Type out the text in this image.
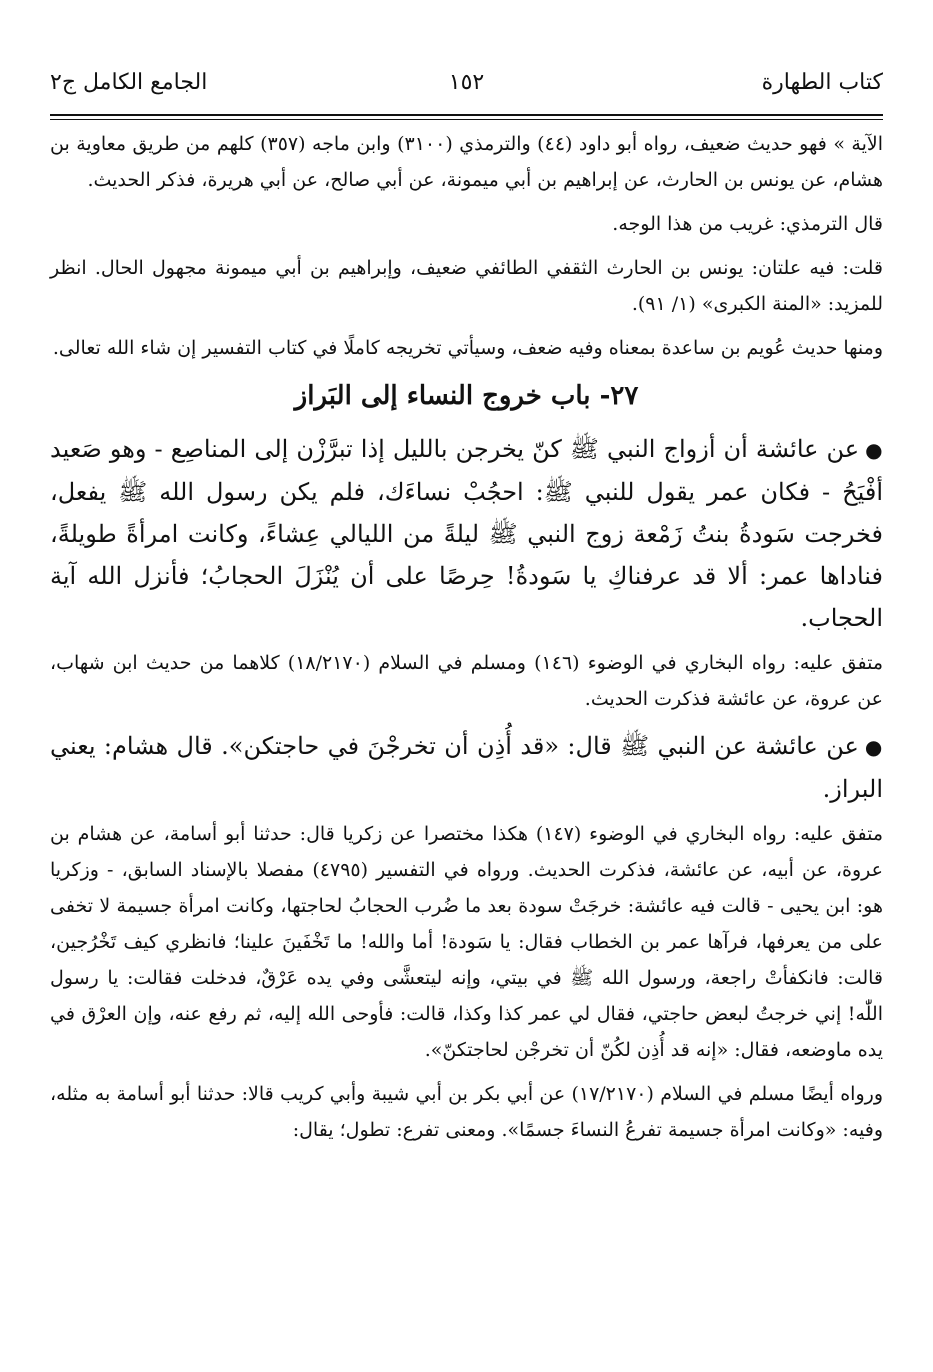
كتاب الطهارة
١٥٢
الجامع الكامل ج٢

الآية » فهو حديث ضعيف، رواه أبو داود (٤٤) والترمذي (٣١٠٠) وابن ماجه (٣٥٧) كلهم من طريق معاوية بن هشام، عن يونس بن الحارث، عن إبراهيم بن أبي ميمونة، عن أبي صالح، عن أبي هريرة، فذكر الحديث.

قال الترمذي: غريب من هذا الوجه.

قلت: فيه علتان: يونس بن الحارث الثقفي الطائفي ضعيف، وإبراهيم بن أبي ميمونة مجهول الحال. انظر للمزيد: «المنة الكبرى» (١/ ٩١).

ومنها حديث عُويم بن ساعدة بمعناه وفيه ضعف، وسيأتي تخريجه كاملًا في كتاب التفسير إن شاء الله تعالى.

٢٧- باب خروج النساء إلى البَراز

●عن عائشة أن أزواج النبي ﷺ كنّ يخرجن بالليل إذا تبرَّزْن إلى المناصِع - وهو صَعيد أفْيَحُ - فكان عمر يقول للنبي ﷺ: احجُبْ نساءَك، فلم يكن رسول الله ﷺ يفعل، فخرجت سَودةُ بنتُ زَمْعة زوج النبي ﷺ ليلةً من الليالي عِشاءً، وكانت امرأةً طويلةً، فناداها عمر: ألا قد عرفناكِ يا سَودةُ! حِرصًا على أن يُنْزَلَ الحجابُ؛ فأنزل الله آية الحجاب.

متفق عليه: رواه البخاري في الوضوء (١٤٦) ومسلم في السلام (١٨/٢١٧٠) كلاهما من حديث ابن شهاب، عن عروة، عن عائشة فذكرت الحديث.

●عن عائشة عن النبي ﷺ قال: «قد أُذِن أن تخرجْنَ في حاجتكن». قال هشام: يعني البراز.

متفق عليه: رواه البخاري في الوضوء (١٤٧) هكذا مختصرا عن زكريا قال: حدثنا أبو أسامة، عن هشام بن عروة، عن أبيه، عن عائشة، فذكرت الحديث. ورواه في التفسير (٤٧٩٥) مفصلا بالإسناد السابق، - وزكريا هو: ابن يحيى - قالت فيه عائشة: خرجَتْ سودة بعد ما ضُرب الحجابُ لحاجتها، وكانت امرأة جسيمة لا تخفى على من يعرفها، فرآها عمر بن الخطاب فقال: يا سَودة! أما والله! ما تَخْفَينَ علينا؛ فانظري كيف تَخْرُجين، قالت: فانكفأتْ راجعة، ورسول الله ﷺ في بيتي، وإنه ليتعشَّى وفي يده عَرْقٌ، فدخلت فقالت: يا رسول اللّٰه! إني خرجتُ لبعض حاجتي، فقال لي عمر كذا وكذا، قالت: فأوحى الله إليه، ثم رفع عنه، وإن العرْق في يده ماوضعه، فقال: «إنه قد أُذِن لكُنّ أن تخرجْن لحاجتكنّ».

ورواه أيضًا مسلم في السلام (١٧/٢١٧٠) عن أبي بكر بن أبي شيبة وأبي كريب قالا: حدثنا أبو أسامة به مثله، وفيه: «وكانت امرأة جسيمة تفرعُ النساءَ جسمًا». ومعنى تفرع: تطول؛ يقال:
